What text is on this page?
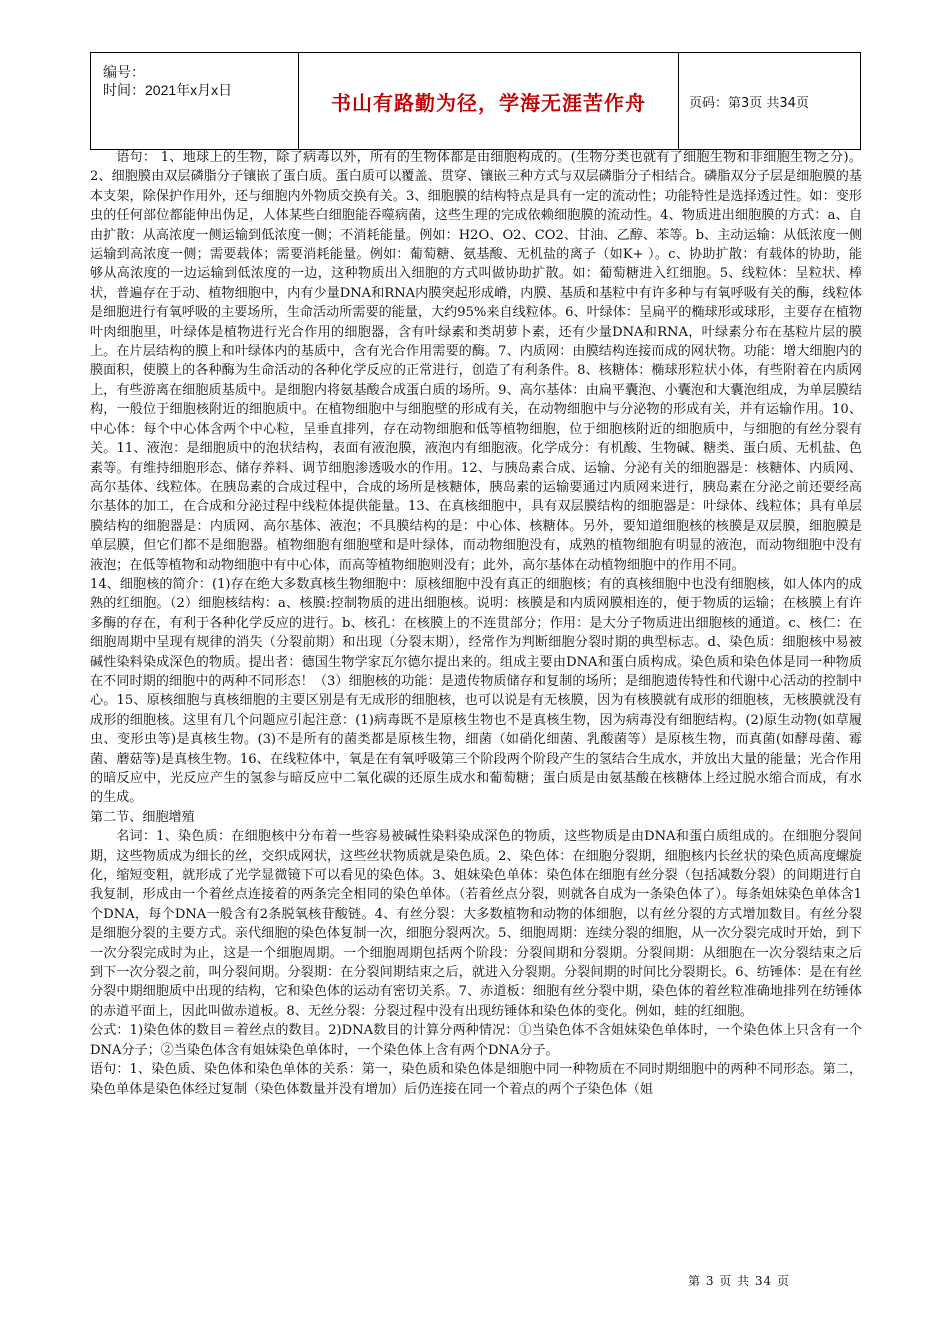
编号：
时间：2021年x月x日
书山有路勤为径，学海无涯苦作舟	页码：第3页 共34页

语句： 1、地球上的生物，除了病毒以外，所有的生物体都是由细胞构成的。(生物分类也就有了细胞生物和非细胞生物之分)。2、细胞膜由双层磷脂分子镶嵌了蛋白质。蛋白质可以覆盖、贯穿、镶嵌三种方式与双层磷脂分子相结合。磷脂双分子层是细胞膜的基本支架，除保护作用外，还与细胞内外物质交换有关。3、细胞膜的结构特点是具有一定的流动性；功能特性是选择透过性。如：变形虫的任何部位都能伸出伪足，人体某些白细胞能吞噬病菌，这些生理的完成依赖细胞膜的流动性。4、物质进出细胞膜的方式：a、自由扩散：从高浓度一侧运输到低浓度一侧；不消耗能量。例如：H2O、O2、CO2、甘油、乙醇、苯等。b、主动运输：从低浓度一侧运输到高浓度一侧；需要载体；需要消耗能量。例如：葡萄糖、氨基酸、无机盐的离子（如K+ ）。c、协助扩散：有载体的协助，能够从高浓度的一边运输到低浓度的一边，这种物质出入细胞的方式叫做协助扩散。如：葡萄糖进入红细胞。5、线粒体：呈粒状、棒状，普遍存在于动、植物细胞中，内有少量DNA和RNA内膜突起形成嵴，内膜、基质和基粒中有许多种与有氧呼吸有关的酶，线粒体是细胞进行有氧呼吸的主要场所，生命活动所需要的能量，大约95%来自线粒体。6、叶绿体：呈扁平的椭球形或球形，主要存在植物叶肉细胞里，叶绿体是植物进行光合作用的细胞器，含有叶绿素和类胡萝卜素，还有少量DNA和RNA，叶绿素分布在基粒片层的膜上。在片层结构的膜上和叶绿体内的基质中，含有光合作用需要的酶。7、内质网：由膜结构连接而成的网状物。功能：增大细胞内的膜面积，使膜上的各种酶为生命活动的各种化学反应的正常进行，创造了有利条件。8、核糖体：椭球形粒状小体，有些附着在内质网上，有些游离在细胞质基质中。是细胞内将氨基酸合成蛋白质的场所。9、高尔基体：由扁平囊泡、小囊泡和大囊泡组成，为单层膜结构，一般位于细胞核附近的细胞质中。在植物细胞中与细胞壁的形成有关，在动物细胞中与分泌物的形成有关，并有运输作用。10、中心体：每个中心体含两个中心粒，呈垂直排列，存在动物细胞和低等植物细胞，位于细胞核附近的细胞质中，与细胞的有丝分裂有关。11、液泡：是细胞质中的泡状结构，表面有液泡膜，液泡内有细胞液。化学成分：有机酸、生物碱、糖类、蛋白质、无机盐、色素等。有维持细胞形态、储存养料、调节细胞渗透吸水的作用。12、与胰岛素合成、运输、分泌有关的细胞器是：核糖体、内质网、高尔基体、线粒体。在胰岛素的合成过程中，合成的场所是核糖体，胰岛素的运输要通过内质网来进行，胰岛素在分泌之前还要经高尔基体的加工，在合成和分泌过程中线粒体提供能量。13、在真核细胞中，具有双层膜结构的细胞器是：叶绿体、线粒体；具有单层膜结构的细胞器是：内质网、高尔基体、液泡；不具膜结构的是：中心体、核糖体。另外，要知道细胞核的核膜是双层膜，细胞膜是单层膜，但它们都不是细胞器。植物细胞有细胞壁和是叶绿体，而动物细胞没有，成熟的植物细胞有明显的液泡，而动物细胞中没有液泡；在低等植物和动物细胞中有中心体，而高等植物细胞则没有；此外，高尔基体在动植物细胞中的作用不同。

14、细胞核的简介：(1)存在绝大多数真核生物细胞中：原核细胞中没有真正的细胞核；有的真核细胞中也没有细胞核，如人体内的成熟的红细胞。（2）细胞核结构：a、核膜:控制物质的进出细胞核。说明：核膜是和内质网膜相连的，便于物质的运输；在核膜上有许多酶的存在，有利于各种化学反应的进行。b、核孔：在核膜上的不连贯部分；作用：是大分子物质进出细胞核的通道。c、核仁：在细胞周期中呈现有规律的消失（分裂前期）和出现（分裂末期），经常作为判断细胞分裂时期的典型标志。d、染色质：细胞核中易被碱性染料染成深色的物质。提出者：德国生物学家瓦尔德尔提出来的。组成主要由DNA和蛋白质构成。染色质和染色体是同一种物质在不同时期的细胞中的两种不同形态！（3）细胞核的功能：是遗传物质储存和复制的场所；是细胞遗传特性和代谢中心活动的控制中心。15、原核细胞与真核细胞的主要区别是有无成形的细胞核，也可以说是有无核膜，因为有核膜就有成形的细胞核，无核膜就没有成形的细胞核。这里有几个问题应引起注意：(1)病毒既不是原核生物也不是真核生物，因为病毒没有细胞结构。(2)原生动物(如草履虫、变形虫等)是真核生物。(3)不是所有的菌类都是原核生物，细菌（如硝化细菌、乳酸菌等）是原核生物，而真菌(如酵母菌、霉菌、蘑菇等)是真核生物。16、在线粒体中，氧是在有氧呼吸第三个阶段两个阶段产生的氢结合生成水，并放出大量的能量；光合作用的暗反应中，光反应产生的氢参与暗反应中二氧化碳的还原生成水和葡萄糖；蛋白质是由氨基酸在核糖体上经过脱水缩合而成，有水的生成。

第二节、细胞增殖

名词：1、染色质：在细胞核中分布着一些容易被碱性染料染成深色的物质，这些物质是由DNA和蛋白质组成的。在细胞分裂间期，这些物质成为细长的丝，交织成网状，这些丝状物质就是染色质。2、染色体：在细胞分裂期，细胞核内长丝状的染色质高度螺旋化，缩短变粗，就形成了光学显微镜下可以看见的染色体。3、姐妹染色单体：染色体在细胞有丝分裂（包括减数分裂）的间期进行自我复制，形成由一个着丝点连接着的两条完全相同的染色单体。（若着丝点分裂，则就各自成为一条染色体了）。每条姐妹染色单体含1个DNA，每个DNA一般含有2条脱氧核苷酸链。4、有丝分裂：大多数植物和动物的体细胞，以有丝分裂的方式增加数目。有丝分裂是细胞分裂的主要方式。亲代细胞的染色体复制一次，细胞分裂两次。5、细胞周期：连续分裂的细胞，从一次分裂完成时开始，到下一次分裂完成时为止，这是一个细胞周期。一个细胞周期包括两个阶段：分裂间期和分裂期。分裂间期：从细胞在一次分裂结束之后到下一次分裂之前，叫分裂间期。分裂期：在分裂间期结束之后，就进入分裂期。分裂间期的时间比分裂期长。6、纺锤体：是在有丝分裂中期细胞质中出现的结构，它和染色体的运动有密切关系。7、赤道板：细胞有丝分裂中期，染色体的着丝粒准确地排列在纺锤体的赤道平面上，因此叫做赤道板。8、无丝分裂：分裂过程中没有出现纺锤体和染色体的变化。例如，蛙的红细胞。

公式：1)染色体的数目＝着丝点的数目。2)DNA数目的计算分两种情况：①当染色体不含姐妹染色单体时，一个染色体上只含有一个DNA分子；②当染色体含有姐妹染色单体时，一个染色体上含有两个DNA分子。

语句：1、染色质、染色体和染色单体的关系：第一，染色质和染色体是细胞中同一种物质在不同时期细胞中的两种不同形态。第二，染色单体是染色体经过复制（染色体数量并没有增加）后仍连接在同一个着点的两个子染色体（姐

第 3 页 共 34 页
